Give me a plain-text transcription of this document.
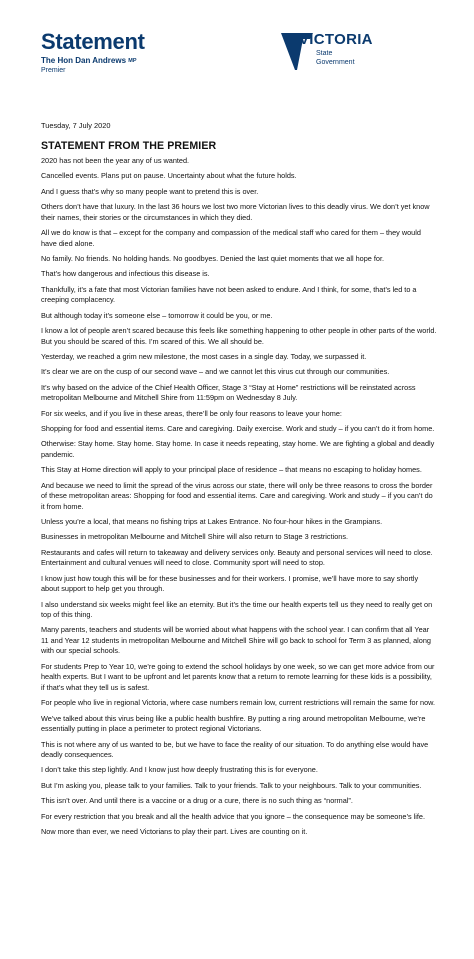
Statement
The Hon Dan Andrews MP
Premier
VICTORIA
State
Government
Tuesday, 7 July 2020
STATEMENT FROM THE PREMIER

2020 has not been the year any of us wanted.

Cancelled events. Plans put on pause. Uncertainty about what the future holds.

And I guess that’s why so many people want to pretend this is over.

Others don’t have that luxury. In the last 36 hours we lost two more Victorian lives to this deadly virus. We don’t yet know their names, their stories or the circumstances in which they died.

All we do know is that – except for the company and compassion of the medical staff who cared for them – they would have died alone.

No family. No friends. No holding hands. No goodbyes. Denied the last quiet moments that we all hope for.

That’s how dangerous and infectious this disease is.

Thankfully, it’s a fate that most Victorian families have not been asked to endure. And I think, for some, that’s led to a creeping complacency.

But although today it’s someone else – tomorrow it could be you, or me.

I know a lot of people aren’t scared because this feels like something happening to other people in other parts of the world. But you should be scared of this. I’m scared of this. We all should be.

Yesterday, we reached a grim new milestone, the most cases in a single day. Today, we surpassed it.

It’s clear we are on the cusp of our second wave – and we cannot let this virus cut through our communities.

It’s why based on the advice of the Chief Health Officer, Stage 3 “Stay at Home” restrictions will be reinstated across metropolitan Melbourne and Mitchell Shire from 11:59pm on Wednesday 8 July.

For six weeks, and if you live in these areas, there’ll be only four reasons to leave your home:

Shopping for food and essential items. Care and caregiving. Daily exercise. Work and study – if you can’t do it from home.

Otherwise: Stay home. Stay home. Stay home. In case it needs repeating, stay home. We are fighting a global and deadly pandemic.

This Stay at Home direction will apply to your principal place of residence – that means no escaping to holiday homes.

And because we need to limit the spread of the virus across our state, there will only be three reasons to cross the border of these metropolitan areas: Shopping for food and essential items. Care and caregiving. Work and study – if you can’t do it from home.

Unless you’re a local, that means no fishing trips at Lakes Entrance. No four-hour hikes in the Grampians.

Businesses in metropolitan Melbourne and Mitchell Shire will also return to Stage 3 restrictions.

Restaurants and cafes will return to takeaway and delivery services only. Beauty and personal services will need to close. Entertainment and cultural venues will need to close. Community sport will need to stop.

I know just how tough this will be for these businesses and for their workers. I promise, we’ll have more to say shortly about support to help get you through.

I also understand six weeks might feel like an eternity. But it’s the time our health experts tell us they need to really get on top of this thing.

Many parents, teachers and students will be worried about what happens with the school year. I can confirm that all Year 11 and Year 12 students in metropolitan Melbourne and Mitchell Shire will go back to school for Term 3 as planned, along with our special schools.

For students Prep to Year 10, we’re going to extend the school holidays by one week, so we can get more advice from our health experts. But I want to be upfront and let parents know that a return to remote learning for these kids is a possibility, if that’s what they tell us is safest.

For people who live in regional Victoria, where case numbers remain low, current restrictions will remain the same for now.

We’ve talked about this virus being like a public health bushfire. By putting a ring around metropolitan Melbourne, we’re essentially putting in place a perimeter to protect regional Victorians.

This is not where any of us wanted to be, but we have to face the reality of our situation. To do anything else would have deadly consequences.

I don’t take this step lightly. And I know just how deeply frustrating this is for everyone.

But I’m asking you, please talk to your families. Talk to your friends. Talk to your neighbours. Talk to your communities.

This isn’t over. And until there is a vaccine or a drug or a cure, there is no such thing as “normal”.

For every restriction that you break and all the health advice that you ignore – the consequence may be someone’s life.

Now more than ever, we need Victorians to play their part. Lives are counting on it.
